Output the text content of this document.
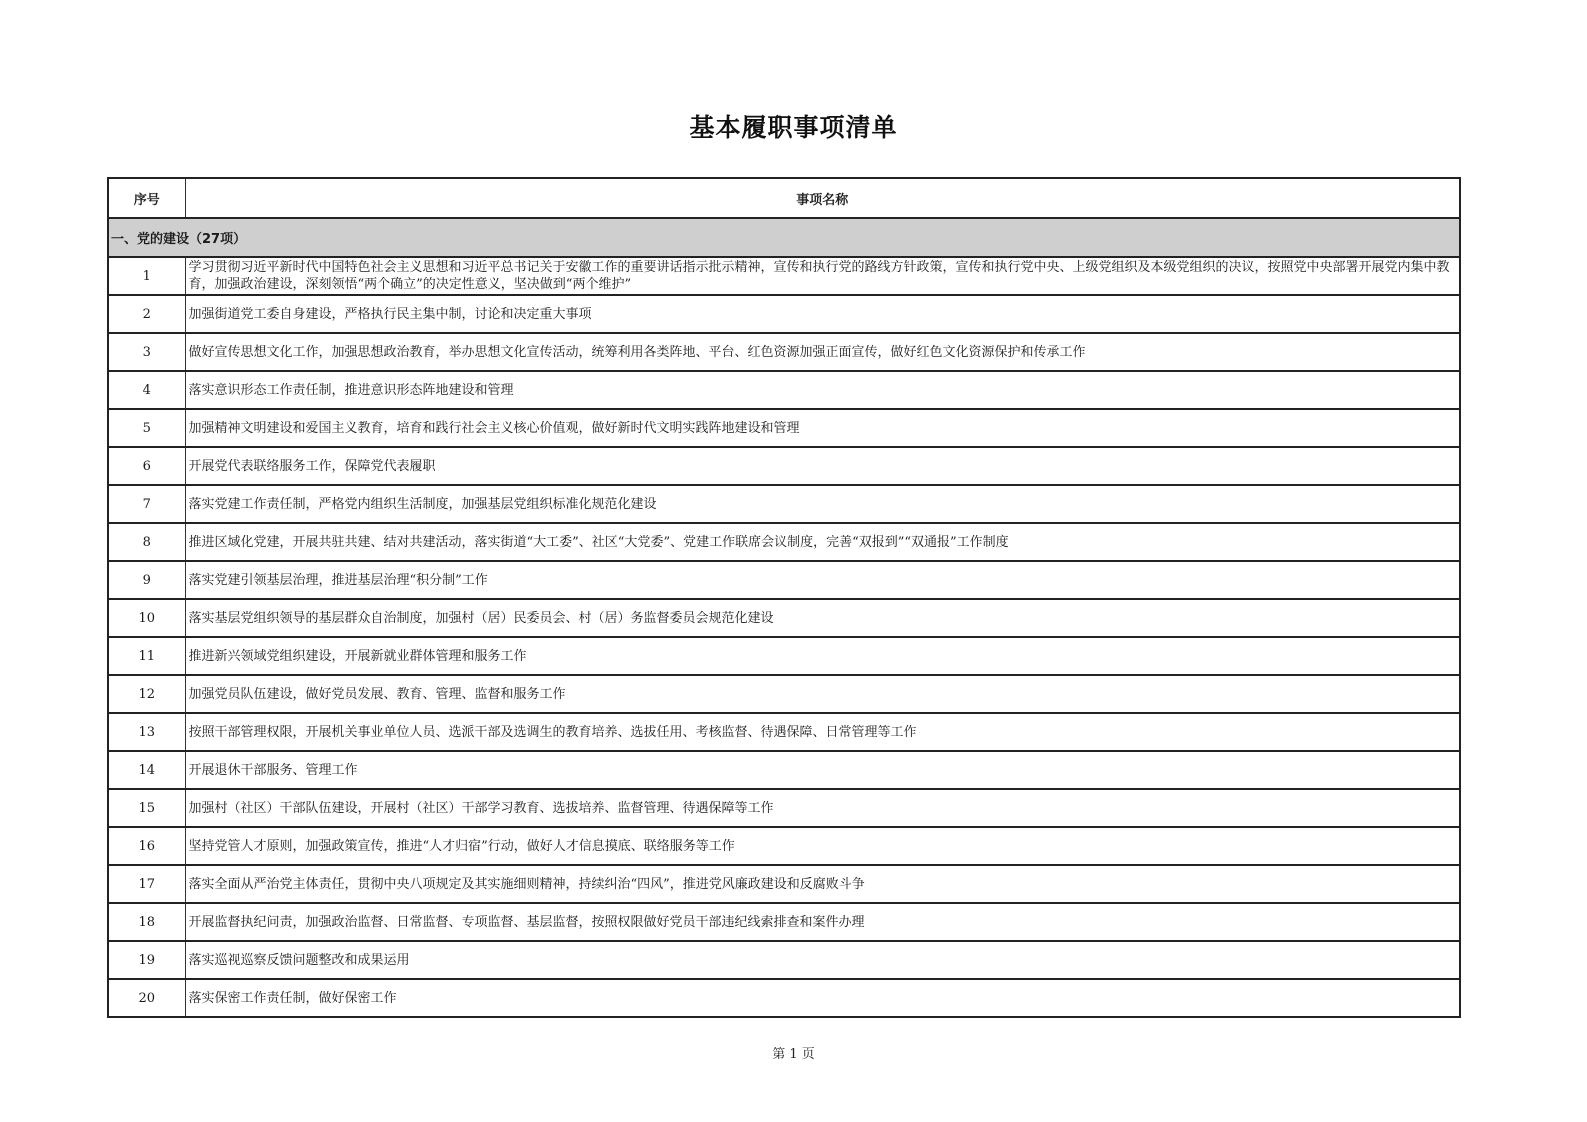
基本履职事项清单
序号	事项名称
一、党的建设（27项）	
1	学习贯彻习近平新时代中国特色社会主义思想和习近平总书记关于安徽工作的重要讲话指示批示精神，宣传和执行党的路线方针政策，宣传和执行党中央、上级党组织及本级党组织的决议，按照党中央部署开展党内集中教育，加强政治建设，深刻领悟“两个确立”的决定性意义，坚决做到“两个维护”
2	加强街道党工委自身建设，严格执行民主集中制，讨论和决定重大事项
3	做好宣传思想文化工作，加强思想政治教育，举办思想文化宣传活动，统筹利用各类阵地、平台、红色资源加强正面宣传，做好红色文化资源保护和传承工作
4	落实意识形态工作责任制，推进意识形态阵地建设和管理
5	加强精神文明建设和爱国主义教育，培育和践行社会主义核心价值观，做好新时代文明实践阵地建设和管理
6	开展党代表联络服务工作，保障党代表履职
7	落实党建工作责任制，严格党内组织生活制度，加强基层党组织标准化规范化建设
8	推进区域化党建，开展共驻共建、结对共建活动，落实街道“大工委”、社区“大党委”、党建工作联席会议制度，完善“双报到”“双通报”工作制度
9	落实党建引领基层治理，推进基层治理“积分制”工作
10	落实基层党组织领导的基层群众自治制度，加强村（居）民委员会、村（居）务监督委员会规范化建设
11	推进新兴领域党组织建设，开展新就业群体管理和服务工作
12	加强党员队伍建设，做好党员发展、教育、管理、监督和服务工作
13	按照干部管理权限，开展机关事业单位人员、选派干部及选调生的教育培养、选拔任用、考核监督、待遇保障、日常管理等工作
14	开展退休干部服务、管理工作
15	加强村（社区）干部队伍建设，开展村（社区）干部学习教育、选拔培养、监督管理、待遇保障等工作
16	坚持党管人才原则，加强政策宣传，推进“人才归宿”行动，做好人才信息摸底、联络服务等工作
17	落实全面从严治党主体责任，贯彻中央八项规定及其实施细则精神，持续纠治“四风”，推进党风廉政建设和反腐败斗争
18	开展监督执纪问责，加强政治监督、日常监督、专项监督、基层监督，按照权限做好党员干部违纪线索排查和案件办理
19	落实巡视巡察反馈问题整改和成果运用
20	落实保密工作责任制，做好保密工作
第 1 页
